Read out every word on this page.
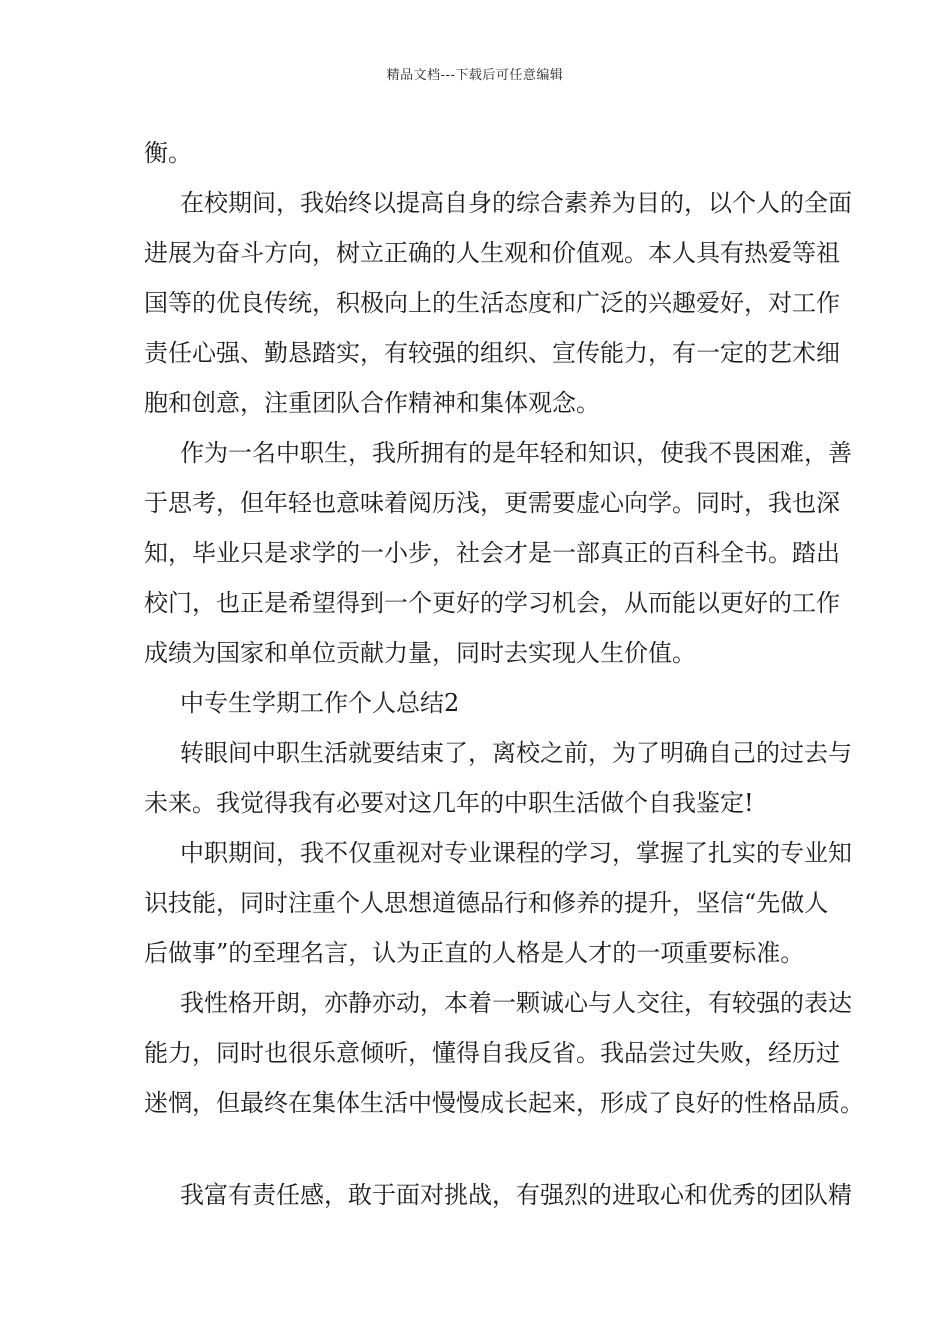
精品文档---下载后可任意编辑
衡。
在校期间，我始终以提高自身的综合素养为目的，以个人的全面
进展为奋斗方向，树立正确的人生观和价值观。本人具有热爱等祖
国等的优良传统，积极向上的生活态度和广泛的兴趣爱好，对工作
责任心强、勤恳踏实，有较强的组织、宣传能力，有一定的艺术细
胞和创意，注重团队合作精神和集体观念。
作为一名中职生，我所拥有的是年轻和知识，使我不畏困难，善
于思考，但年轻也意味着阅历浅，更需要虚心向学。同时，我也深
知，毕业只是求学的一小步，社会才是一部真正的百科全书。踏出
校门，也正是希望得到一个更好的学习机会，从而能以更好的工作
成绩为国家和单位贡献力量，同时去实现人生价值。
中专生学期工作个人总结2
转眼间中职生活就要结束了，离校之前，为了明确自己的过去与
未来。我觉得我有必要对这几年的中职生活做个自我鉴定!
中职期间，我不仅重视对专业课程的学习，掌握了扎实的专业知
识技能，同时注重个人思想道德品行和修养的提升，坚信“先做人
后做事”的至理名言，认为正直的人格是人才的一项重要标准。
我性格开朗，亦静亦动，本着一颗诚心与人交往，有较强的表达
能力，同时也很乐意倾听，懂得自我反省。我品尝过失败，经历过
迷惘，但最终在集体生活中慢慢成长起来，形成了良好的性格品质。
我富有责任感，敢于面对挑战，有强烈的进取心和优秀的团队精
